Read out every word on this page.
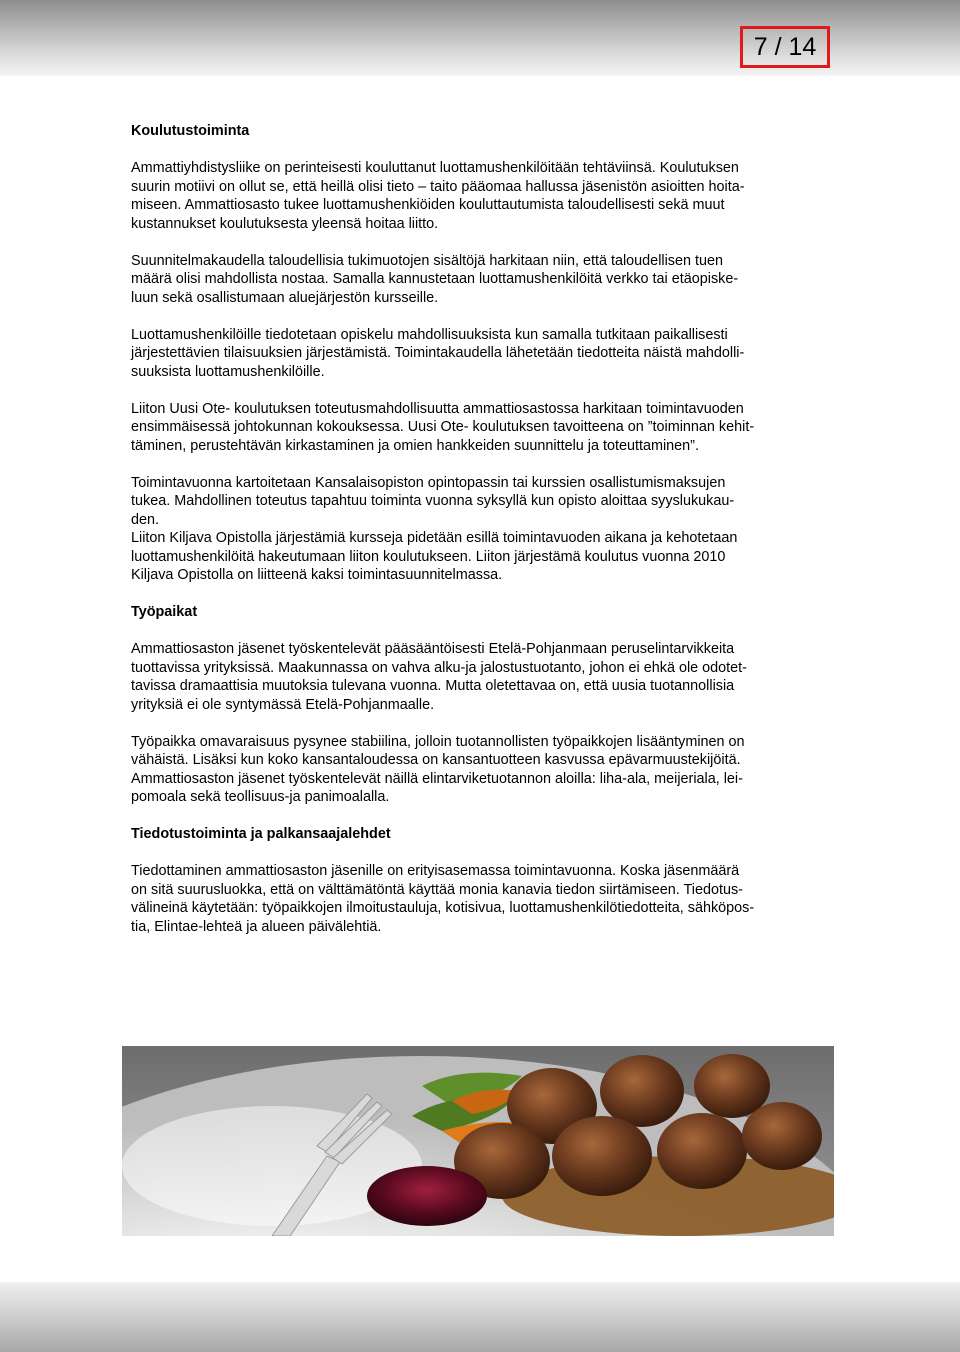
7 / 14
Koulutustoiminta

Ammattiyhdistysliike on perinteisesti kouluttanut luottamushenkilöitään tehtäviinsä. Koulutuksen
suurin motiivi on ollut se, että heillä olisi tieto – taito pääomaa hallussa jäsenistön asioitten hoita-
miseen. Ammattiosasto tukee luottamushenkiöiden kouluttautumista taloudellisesti sekä muut
kustannukset koulutuksesta yleensä hoitaa liitto.

Suunnitelmakaudella taloudellisia tukimuotojen sisältöjä harkitaan niin, että taloudellisen tuen
määrä olisi mahdollista nostaa. Samalla kannustetaan luottamushenkilöitä verkko tai etäopiske-
luun sekä osallistumaan aluejärjestön kursseille.

Luottamushenkilöille tiedotetaan opiskelu mahdollisuuksista kun samalla tutkitaan paikallisesti
järjestettävien tilaisuuksien järjestämistä. Toimintakaudella lähetetään tiedotteita näistä mahdolli-
suuksista luottamushenkilöille.

Liiton Uusi Ote- koulutuksen toteutusmahdollisuutta ammattiosastossa harkitaan toimintavuoden
ensimmäisessä johtokunnan kokouksessa. Uusi Ote- koulutuksen tavoitteena on ”toiminnan kehit-
täminen, perustehtävän kirkastaminen ja omien hankkeiden suunnittelu ja toteuttaminen”.

Toimintavuonna kartoitetaan Kansalaisopiston opintopassin tai kurssien osallistumismaksujen
tukea. Mahdollinen toteutus tapahtuu toiminta vuonna syksyllä kun opisto aloittaa syyslukukau-
den.
Liiton Kiljava Opistolla järjestämiä kursseja pidetään esillä toimintavuoden aikana ja kehotetaan
luottamushenkilöitä hakeutumaan liiton koulutukseen. Liiton järjestämä koulutus vuonna 2010
Kiljava Opistolla on liitteenä kaksi toimintasuunnitelmassa.

Työpaikat

Ammattiosaston jäsenet työskentelevät pääsääntöisesti Etelä-Pohjanmaan peruselintarvikkeita
tuottavissa yrityksissä. Maakunnassa on vahva alku-ja jalostustuotanto, johon ei ehkä ole odotet-
tavissa dramaattisia muutoksia tulevana vuonna. Mutta oletettavaa on, että uusia tuotannollisia
yrityksiä ei ole syntymässä Etelä-Pohjanmaalle.

Työpaikka omavaraisuus pysynee stabiilina, jolloin tuotannollisten työpaikkojen lisääntyminen on
vähäistä. Lisäksi kun koko kansantaloudessa on kansantuotteen kasvussa epävarmuustekijöitä.
Ammattiosaston jäsenet työskentelevät näillä elintarviketuotannon aloilla: liha-ala, meijeriala, lei-
pomoala sekä teollisuus-ja panimoalalla.

Tiedotustoiminta ja palkansaajalehdet

Tiedottaminen ammattiosaston jäsenille on erityisasemassa toimintavuonna. Koska jäsenmäärä
on sitä suurusluokka, että on välttämätöntä käyttää monia kanavia tiedon siirtämiseen. Tiedotus-
välineinä käytetään: työpaikkojen ilmoitustauluja, kotisivua, luottamushenkilötiedotteita, sähköpos-
tia, Elintae-lehteä ja alueen päivälehtiä.
